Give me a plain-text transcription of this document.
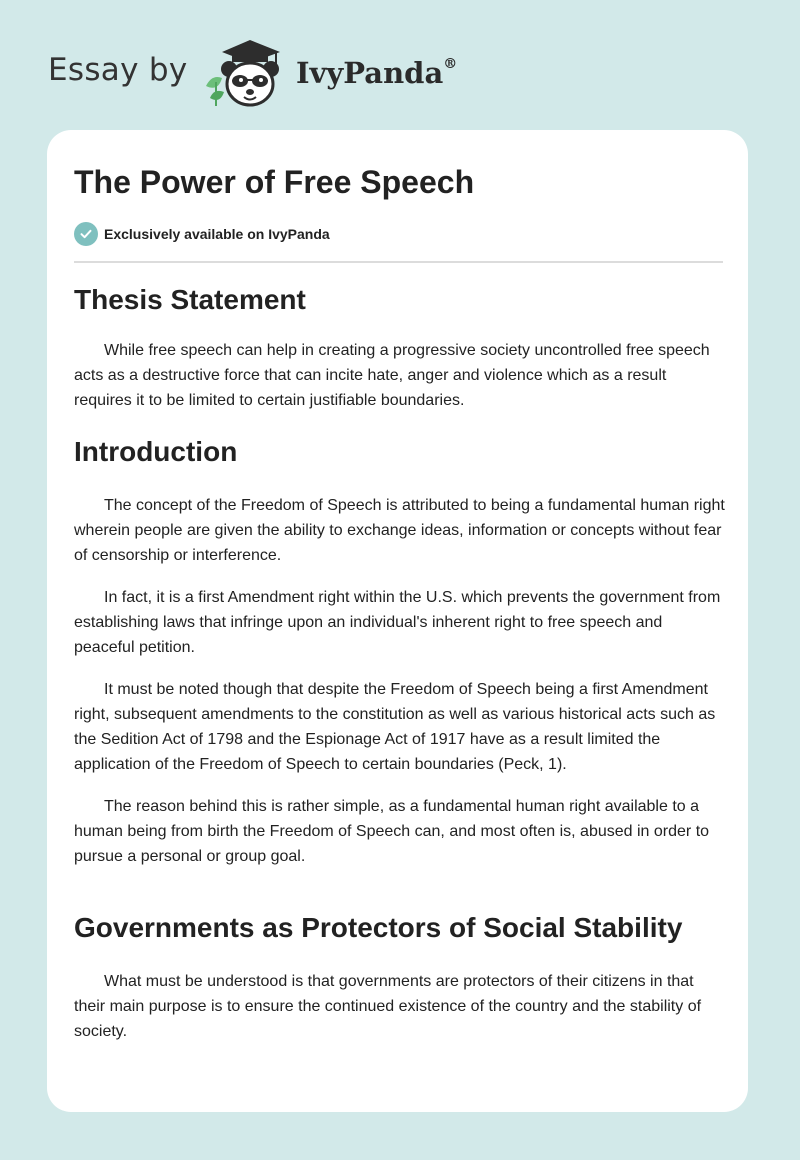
Essay by	IvyPanda®
The Power of Free Speech
Exclusively available on IvyPanda
Thesis Statement

While free speech can help in creating a progressive society uncontrolled free speech acts as a destructive force that can incite hate, anger and violence which as a result requires it to be limited to certain justifiable boundaries.

Introduction

The concept of the Freedom of Speech is attributed to being a fundamental human right wherein people are given the ability to exchange ideas, information or concepts without fear of censorship or interference.

In fact, it is a first Amendment right within the U.S. which prevents the government from establishing laws that infringe upon an individual's inherent right to free speech and peaceful petition.

It must be noted though that despite the Freedom of Speech being a first Amendment right, subsequent amendments to the constitution as well as various historical acts such as the Sedition Act of 1798 and the Espionage Act of 1917 have as a result limited the application of the Freedom of Speech to certain boundaries (Peck, 1).

The reason behind this is rather simple, as a fundamental human right available to a human being from birth the Freedom of Speech can, and most often is, abused in order to pursue a personal or group goal.

Governments as Protectors of Social Stability

What must be understood is that governments are protectors of their citizens in that their main purpose is to ensure the continued existence of the country and the stability of society.
